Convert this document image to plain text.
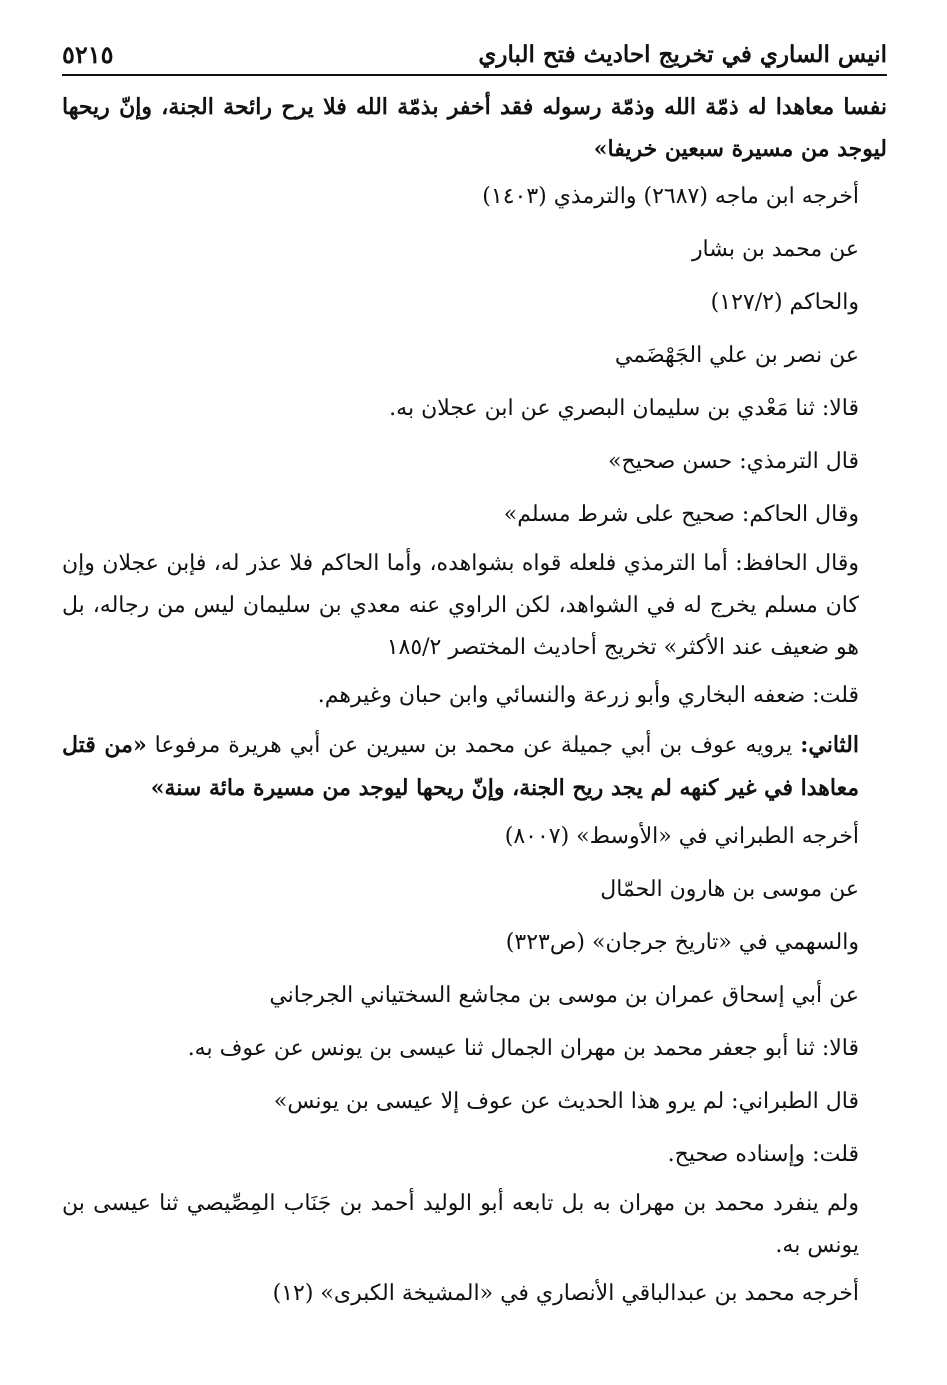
انيس الساري في تخريج احاديث فتح الباري
٥٢١٥
نفسا معاهدا له ذمّة الله وذمّة رسوله فقد أخفر بذمّة الله فلا يرح رائحة الجنة، وإنّ ريحها ليوجد من مسيرة سبعين خريفا»
أخرجه ابن ماجه (٢٦٨٧) والترمذي (١٤٠٣)
عن محمد بن بشار
والحاكم (١٢٧/٢)
عن نصر بن علي الجَهْضَمي
قالا: ثنا مَعْدي بن سليمان البصري عن ابن عجلان به.
قال الترمذي: حسن صحيح»
وقال الحاكم: صحيح على شرط مسلم»
وقال الحافظ: أما الترمذي فلعله قواه بشواهده، وأما الحاكم فلا عذر له، فإبن عجلان وإن كان مسلم يخرج له في الشواهد، لكن الراوي عنه معدي بن سليمان ليس من رجاله، بل هو ضعيف عند الأكثر» تخريج أحاديث المختصر ١٨٥/٢
قلت: ضعفه البخاري وأبو زرعة والنسائي وابن حبان وغيرهم.
الثاني: يرويه عوف بن أبي جميلة عن محمد بن سيرين عن أبي هريرة مرفوعا «من قتل معاهدا في غير كنهه لم يجد ريح الجنة، وإنّ ريحها ليوجد من مسيرة مائة سنة»
أخرجه الطبراني في «الأوسط» (٨٠٠٧)
عن موسى بن هارون الحمّال
والسهمي في «تاريخ جرجان» (ص٣٢٣)
عن أبي إسحاق عمران بن موسى بن مجاشع السختياني الجرجاني
قالا: ثنا أبو جعفر محمد بن مهران الجمال ثنا عيسى بن يونس عن عوف به.
قال الطبراني: لم يرو هذا الحديث عن عوف إلا عيسى بن يونس»
قلت: وإسناده صحيح.
ولم ينفرد محمد بن مهران به بل تابعه أبو الوليد أحمد بن جَنَاب المِصِّيصي ثنا عيسى بن يونس به.
أخرجه محمد بن عبدالباقي الأنصاري في «المشيخة الكبرى» (١٢)
